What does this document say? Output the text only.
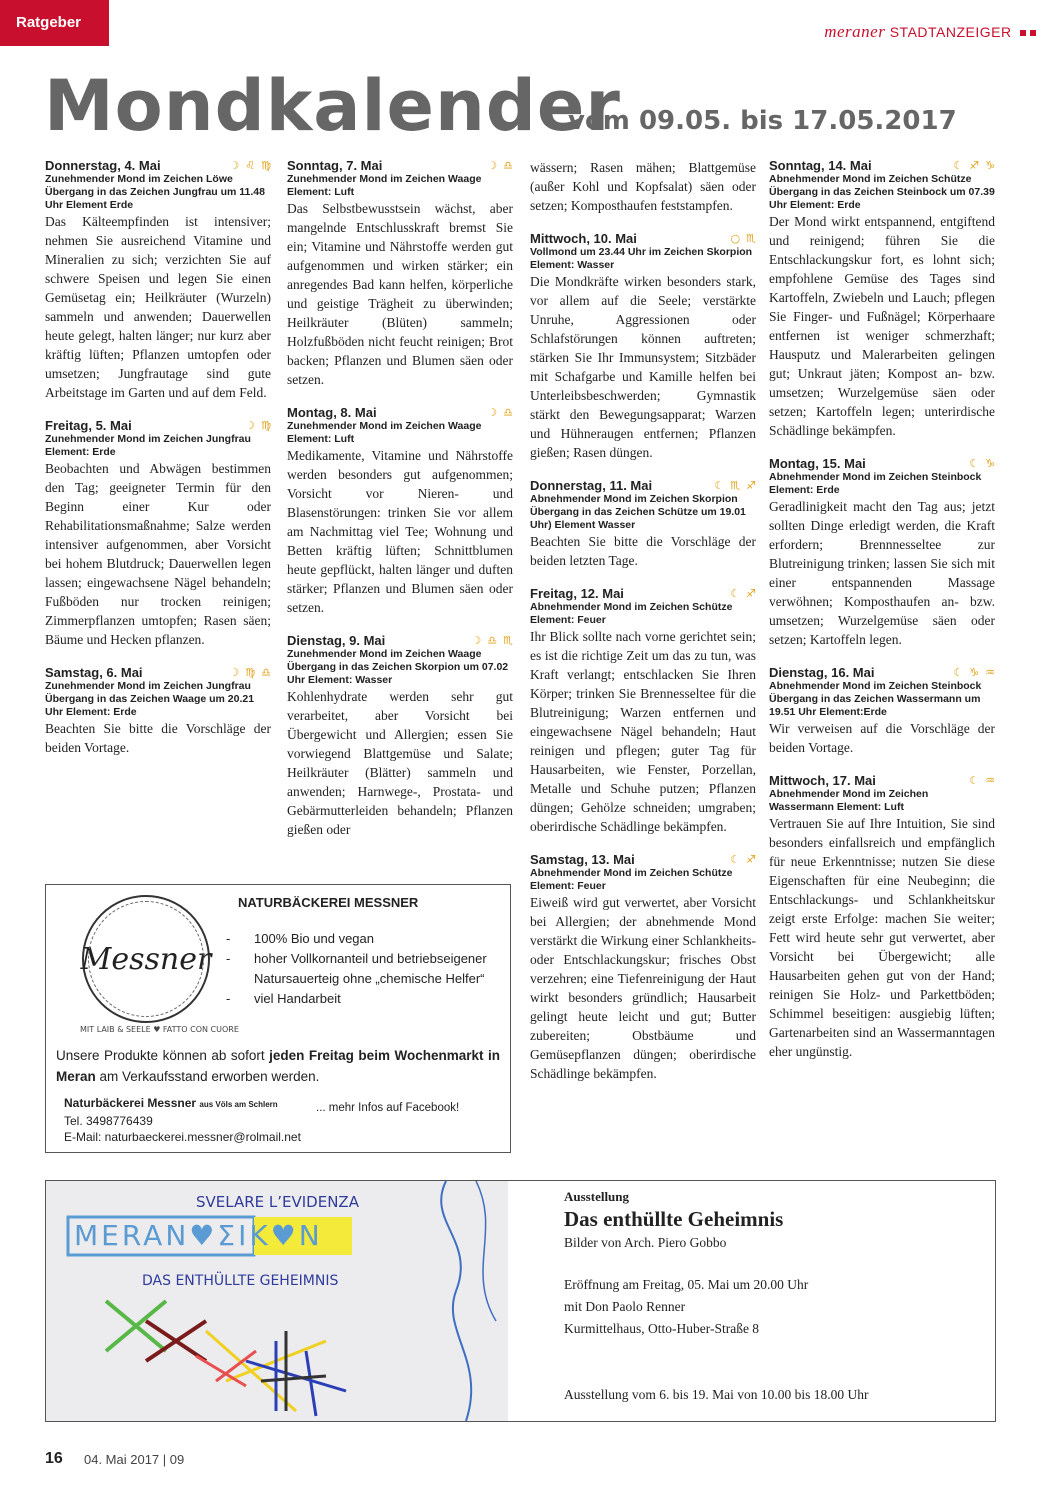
Ratgeber	meraner STADTANZEIGER
Mondkalender
vom 09.05. bis 17.05.2017
Donnerstag, 4. Mai	☽ ♌ ♍
Zunehmender Mond im Zeichen Löwe Übergang in das Zeichen Jungfrau um 11.48 Uhr Element Erde
Das Kälteempfinden ist intensiver; nehmen Sie ausreichend Vitamine und Mineralien zu sich; verzichten Sie auf schwere Speisen und legen Sie einen Gemüsetag ein; Heilkräuter (Wurzeln) sammeln und anwenden; Dauerwellen heute gelegt, halten länger; nur kurz aber kräftig lüften; Pflanzen umtopfen oder umsetzen; Jungfrautage sind gute Arbeitstage im Garten und auf dem Feld.
Freitag, 5. Mai	☽ ♍
Zunehmender Mond im Zeichen Jungfrau Element: Erde
Beobachten und Abwägen bestimmen den Tag; geeigneter Termin für den Beginn einer Kur oder Rehabilitationsmaßnahme; Salze werden intensiver aufgenommen, aber Vorsicht bei hohem Blutdruck; Dauerwellen legen lassen; eingewachsene Nägel behandeln; Fußböden nur trocken reinigen; Zimmerpflanzen umtopfen; Rasen säen; Bäume und Hecken pflanzen.
Samstag, 6. Mai	☽ ♍ ♎
Zunehmender Mond im Zeichen Jungfrau Übergang in das Zeichen Waage um 20.21 Uhr Element: Erde
Beachten Sie bitte die Vorschläge der beiden Vortage.
Sonntag, 7. Mai	☽ ♎
Zunehmender Mond im Zeichen Waage Element: Luft
Das Selbstbewusstsein wächst, aber mangelnde Entschlusskraft bremst Sie ein; Vitamine und Nährstoffe werden gut aufgenommen und wirken stärker; ein anregendes Bad kann helfen, körperliche und geistige Trägheit zu überwinden; Heilkräuter (Blüten) sammeln; Holzfußböden nicht feucht reinigen; Brot backen; Pflanzen und Blumen säen oder setzen.
Montag, 8. Mai	☽ ♎
Zunehmender Mond im Zeichen Waage Element: Luft
Medikamente, Vitamine und Nährstoffe werden besonders gut aufgenommen; Vorsicht vor Nieren- und Blasenstörungen: trinken Sie vor allem am Nachmittag viel Tee; Wohnung und Betten kräftig lüften; Schnittblumen heute gepflückt, halten länger und duften stärker; Pflanzen und Blumen säen oder setzen.
Dienstag, 9. Mai	☽ ♎ ♏
Zunehmender Mond im Zeichen Waage Übergang in das Zeichen Skorpion um 07.02 Uhr Element: Wasser
Kohlenhydrate werden sehr gut verarbeitet, aber Vorsicht bei Übergewicht und Allergien; essen Sie vorwiegend Blattgemüse und Salate; Heilkräuter (Blätter) sammeln und anwenden; Harnwege-, Prostata- und Gebärmutterleiden behandeln; Pflanzen gießen oder
wässern; Rasen mähen; Blattgemüse (außer Kohl und Kopfsalat) säen oder setzen; Komposthaufen feststampfen.
Mittwoch, 10. Mai	○ ♏
Vollmond um 23.44 Uhr im Zeichen Skorpion Element: Wasser
Die Mondkräfte wirken besonders stark, vor allem auf die Seele; verstärkte Unruhe, Aggressionen oder Schlafstörungen können auftreten; stärken Sie Ihr Immunsystem; Sitzbäder mit Schafgarbe und Kamille helfen bei Unterleibsbeschwerden; Gymnastik stärkt den Bewegungsapparat; Warzen und Hühneraugen entfernen; Pflanzen gießen; Rasen düngen.
Donnerstag, 11. Mai	☾ ♏ ♐
Abnehmender Mond im Zeichen Skorpion Übergang in das Zeichen Schütze um 19.01 Uhr) Element Wasser
Beachten Sie bitte die Vorschläge der beiden letzten Tage.
Freitag, 12. Mai	☾ ♐
Abnehmender Mond im Zeichen Schütze Element: Feuer
Ihr Blick sollte nach vorne gerichtet sein; es ist die richtige Zeit um das zu tun, was Kraft verlangt; entschlacken Sie Ihren Körper; trinken Sie Brennesseltee für die Blutreinigung; Warzen entfernen und eingewachsene Nägel behandeln; Haut reinigen und pflegen; guter Tag für Hausarbeiten, wie Fenster, Porzellan, Metalle und Schuhe putzen; Pflanzen düngen; Gehölze schneiden; umgraben; oberirdische Schädlinge bekämpfen.
Samstag, 13. Mai	☾ ♐
Abnehmender Mond im Zeichen Schütze Element: Feuer
Eiweiß wird gut verwertet, aber Vorsicht bei Allergien; der abnehmende Mond verstärkt die Wirkung einer Schlankheits- oder Entschlackungskur; frisches Obst verzehren; eine Tiefenreinigung der Haut wirkt besonders gründlich; Hausarbeit gelingt heute leicht und gut; Butter zubereiten; Obstbäume und Gemüsepflanzen düngen; oberirdische Schädlinge bekämpfen.
Sonntag, 14. Mai	☾ ♐ ♑
Abnehmender Mond im Zeichen Schütze Übergang in das Zeichen Steinbock um 07.39 Uhr Element: Erde
Der Mond wirkt entspannend, entgiftend und reinigend; führen Sie die Entschlackungskur fort, es lohnt sich; empfohlene Gemüse des Tages sind Kartoffeln, Zwiebeln und Lauch; pflegen Sie Finger- und Fußnägel; Körperhaare entfernen ist weniger schmerzhaft; Hausputz und Malerarbeiten gelingen gut; Unkraut jäten; Kompost an- bzw. umsetzen; Wurzelgemüse säen oder setzen; Kartoffeln legen; unterirdische Schädlinge bekämpfen.
Montag, 15. Mai	☾ ♑
Abnehmender Mond im Zeichen Steinbock Element: Erde
Geradlinigkeit macht den Tag aus; jetzt sollten Dinge erledigt werden, die Kraft erfordern; Brennnesseltee zur Blutreinigung trinken; lassen Sie sich mit einer entspannenden Massage verwöhnen; Komposthaufen an- bzw. umsetzen; Wurzelgemüse säen oder setzen; Kartoffeln legen.
Dienstag, 16. Mai	☾ ♑ ♒
Abnehmender Mond im Zeichen Steinbock Übergang in das Zeichen Wassermann um 19.51 Uhr Element:Erde
Wir verweisen auf die Vorschläge der beiden Vortage.
Mittwoch, 17. Mai	☾ ♒
Abnehmender Mond im Zeichen Wassermann Element: Luft
Vertrauen Sie auf Ihre Intuition, Sie sind besonders einfallsreich und empfänglich für neue Erkenntnisse; nutzen Sie diese Eigenschaften für eine Neubeginn; die Entschlackungs- und Schlankheitskur zeigt erste Erfolge: machen Sie weiter; Fett wird heute sehr gut verwertet, aber Vorsicht bei Übergewicht; alle Hausarbeiten gehen gut von der Hand; reinigen Sie Holz- und Parkettböden; Schimmel beseitigen: ausgiebig lüften; Gartenarbeiten sind an Wassermanntagen eher ungünstig.
Messner
MIT LAIB & SEELE ♥ FATTO CON CUORE
NATURBÄCKEREI MESSNER
-	100% Bio und vegan
-	hoher Vollkornanteil und betriebseigener Natursauerteig ohne „chemische Helfer“
-	viel Handarbeit
Unsere Produkte können ab sofort jeden Freitag beim Wochenmarkt in Meran am Verkaufsstand erworben werden.
Naturbäckerei Messner aus Völs am Schlern
Tel. 3498776439
E-Mail: naturbaeckerei.messner@rolmail.net
... mehr Infos auf Facebook!
SVELARE L’EVIDENZA
MERAN♥ΣIK♥Ν
DAS ENTHÜLLTE GEHEIMNIS
Ausstellung
Das enthüllte Geheimnis
Bilder von Arch. Piero Gobbo
Eröffnung am Freitag, 05. Mai um 20.00 Uhr
mit Don Paolo Renner
Kurmittelhaus, Otto-Huber-Straße 8
Ausstellung vom 6. bis 19. Mai von 10.00 bis 18.00 Uhr
16 04. Mai 2017 | 09
